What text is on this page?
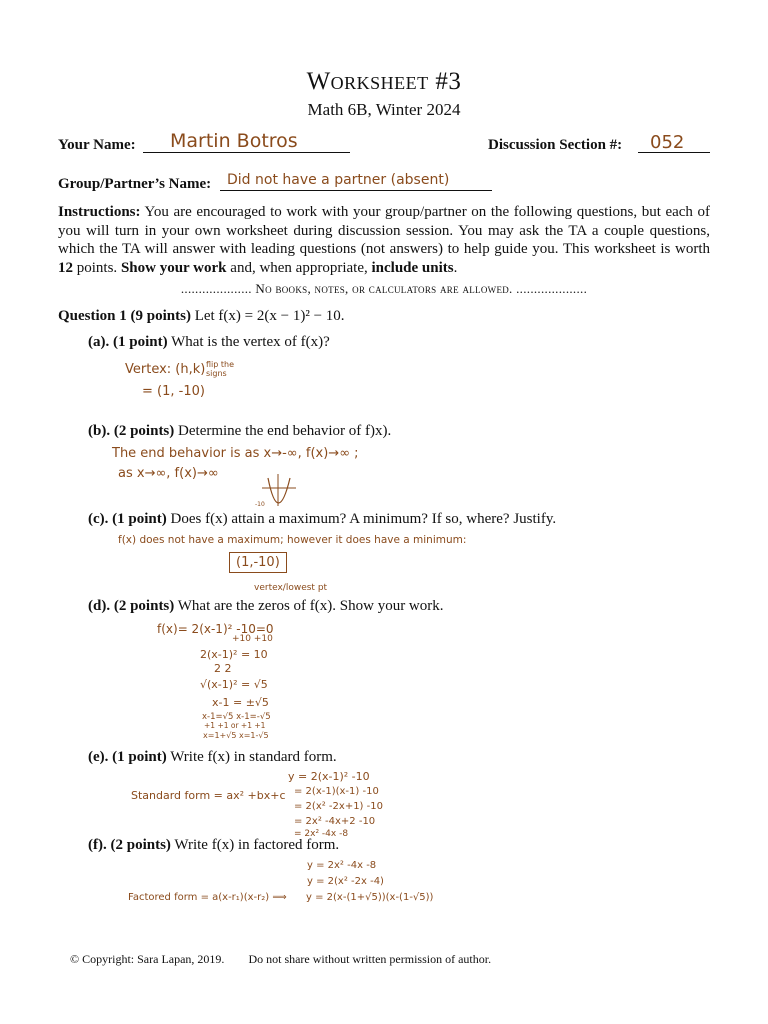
Worksheet #3
Math 6B, Winter 2024
Your Name: Martin Botros	Discussion Section #: 052
Group/Partner’s Name: Did not have a partner (absent)
Instructions: You are encouraged to work with your group/partner on the following questions, but each of you will turn in your own worksheet during discussion session. You may ask the TA a couple questions, which the TA will answer with leading questions (not answers) to help guide you. This worksheet is worth 12 points. Show your work and, when appropriate, include units.
.................... No books, notes, or calculators are allowed. ....................
Question 1 (9 points) Let f(x) = 2(x − 1)² − 10.
(a). (1 point) What is the vertex of f(x)?
Vertex: (h,k) flip the signs
= (1, -10)
(b). (2 points) Determine the end behavior of f)x).
The end behavior is as x→-∞, f(x)→∞ ;
as x→∞, f(x)→∞
-10
(c). (1 point) Does f(x) attain a maximum? A minimum? If so, where? Justify.
f(x) does not have a maximum; however it does have a minimum:
(1,-10)
vertex/lowest pt
(d). (2 points) What are the zeros of f(x). Show your work.
f(x)= 2(x-1)² -10=0
+10 +10
2(x-1)² = 10
2 2
√(x-1)² = √5
x-1 = ±√5
x-1=√5 x-1=-√5
+1 +1 or +1 +1
x=1+√5 x=1-√5
(e). (1 point) Write f(x) in standard form.
Standard form = ax² +bx+c
y = 2(x-1)² -10
= 2(x-1)(x-1) -10
= 2(x² -2x+1) -10
= 2x² -4x+2 -10
= 2x² -4x -8
(f). (2 points) Write f(x) in factored form.
y = 2x² -4x -8
y = 2(x² -2x -4)
Factored form = a(x-r₁)(x-r₂) ⟹ y = 2(x-(1+√5))(x-(1-√5))
© Copyright: Sara Lapan, 2019. Do not share without written permission of author.
